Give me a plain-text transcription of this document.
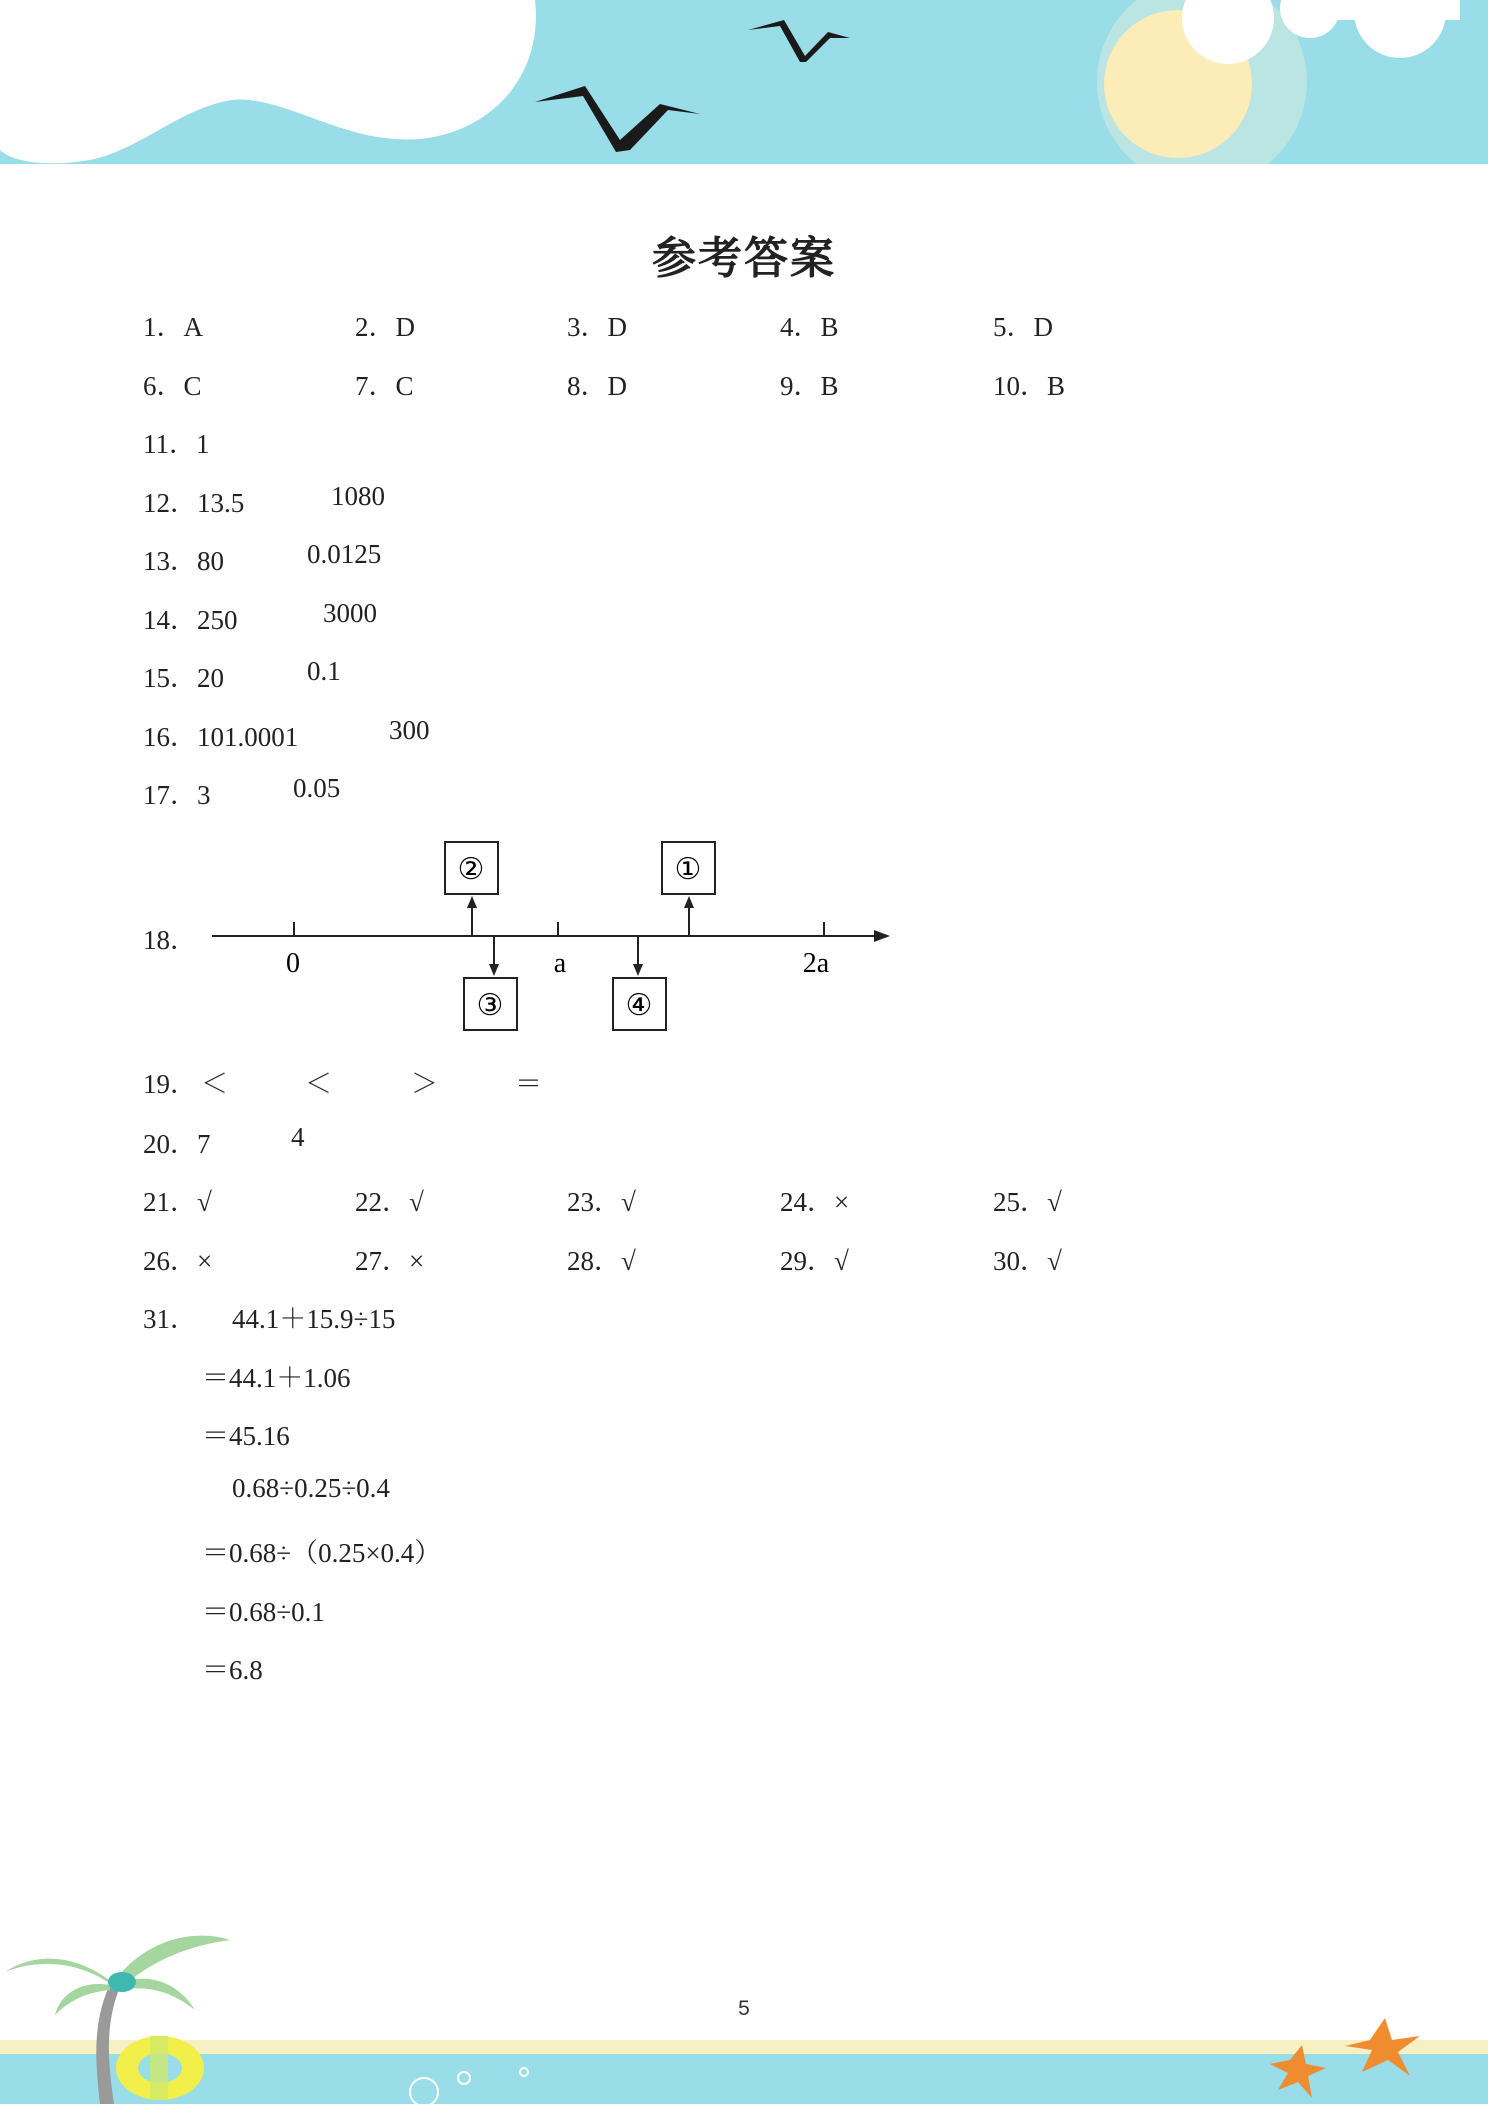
参考答案
1．A	2．D	3．D	4．B	5．D
6．C	7．C	8．D	9．B	10．B
11．1
12．13.5	1080
13．80	0.0125
14．250	3000
15．20	0.1
16．101.0001	300
17．3	0.05
18．
0	a	2a
②	①
③	④
19． ＜	＜	＞	＝
20．7	4
21．√	22．√	23．√	24．×	25．√
26．×	27．×	28．√	29．√	30．√
31． 44.1＋15.9÷15
＝44.1＋1.06
＝45.16
0.68÷0.25÷0.4
＝0.68÷（0.25×0.4）
＝0.68÷0.1
＝6.8
5
